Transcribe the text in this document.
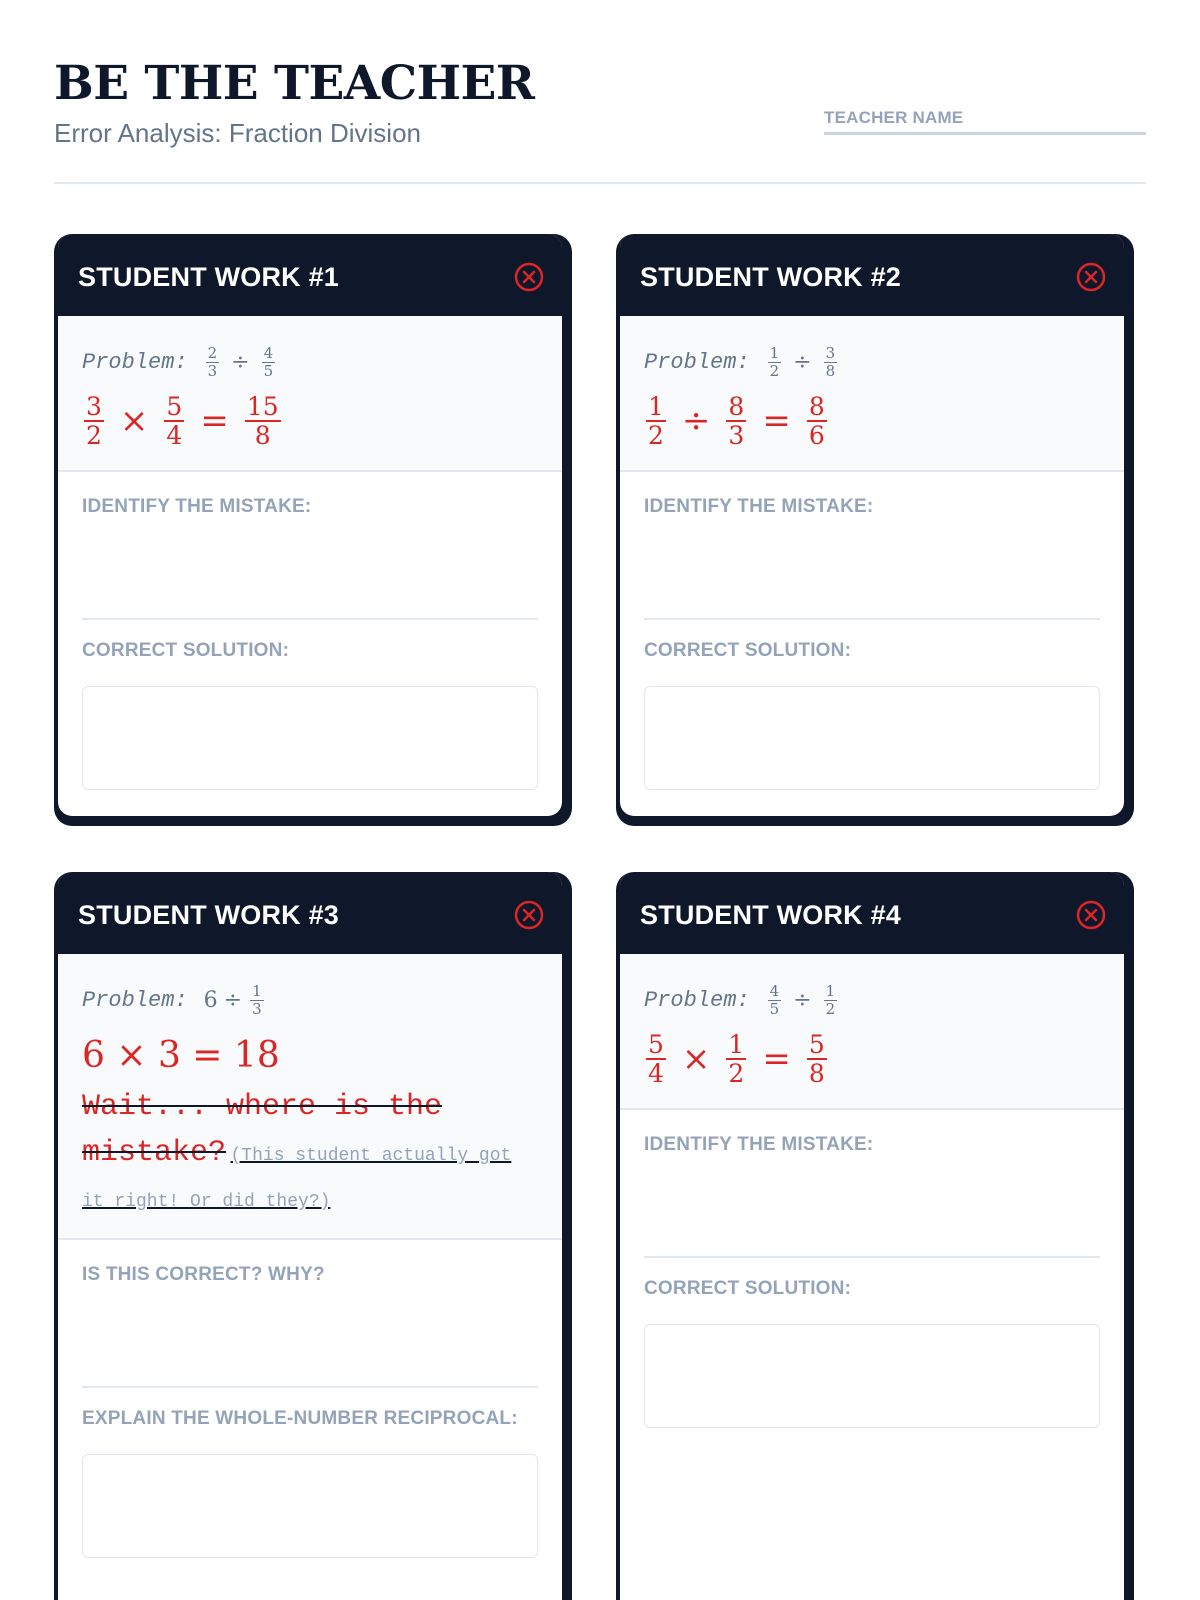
BE THE TEACHER
Error Analysis: Fraction Division
TEACHER NAME
STUDENT WORK #1
Problem: $\frac{2}{3} \div \frac{4}{5}$
$\frac{3}{2} \times \frac{5}{4} = \frac{15}{8}$
IDENTIFY THE MISTAKE:
CORRECT SOLUTION:
STUDENT WORK #2
Problem: $\frac{1}{2} \div \frac{3}{8}$
$\frac{1}{2} \div \frac{8}{3} = \frac{8}{6}$
IDENTIFY THE MISTAKE:
CORRECT SOLUTION:
STUDENT WORK #3
Problem: $6 \div \frac{1}{3}$
6 × 3 = 18
Wait... where is the mistake? (This student actually got it right! Or did they?)
IS THIS CORRECT? WHY?
EXPLAIN THE WHOLE-NUMBER RECIPROCAL:
STUDENT WORK #4
Problem: $\frac{4}{5} \div \frac{1}{2}$
$\frac{5}{4} \times \frac{1}{2} = \frac{5}{8}$
IDENTIFY THE MISTAKE:
CORRECT SOLUTION:
